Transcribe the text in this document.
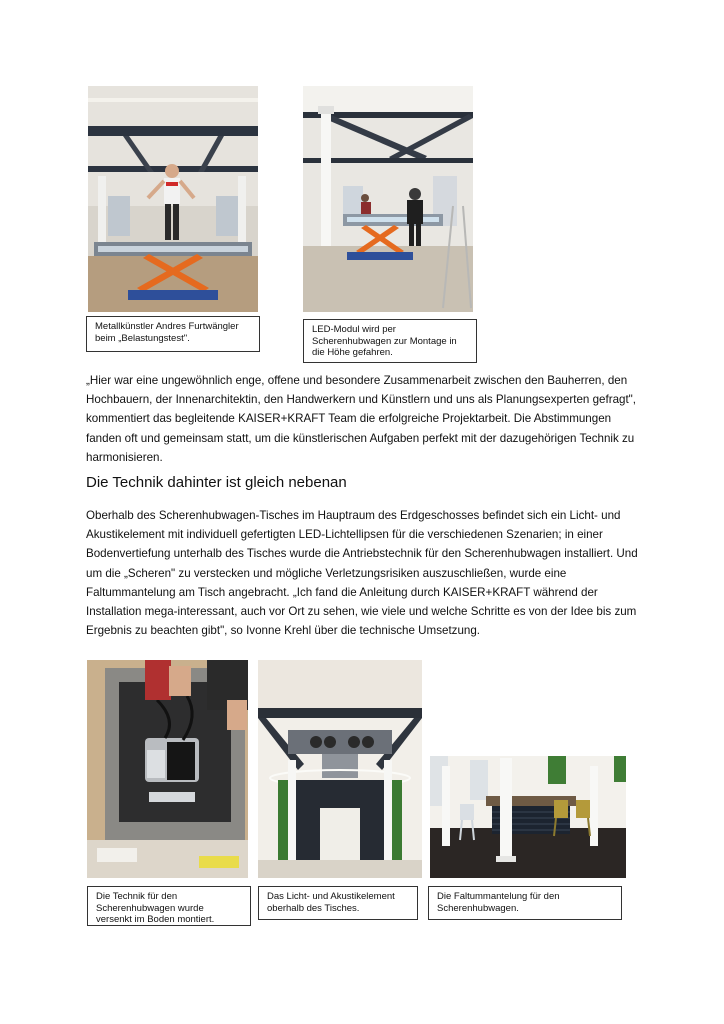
Metallkünstler Andres Furtwängler
beim „Belastungstest".
LED-Modul wird per
Scherenhubwagen zur Montage in
die Höhe gefahren.

„Hier war eine ungewöhnlich enge, offene und besondere Zusammenarbeit zwischen den Bauherren, den Hochbauern, der Innenarchitektin, den Handwerkern und Künstlern und uns als Planungsexperten gefragt", kommentiert das begleitende KAISER+KRAFT Team die erfolgreiche Projektarbeit. Die Abstimmungen fanden oft und gemeinsam statt, um die künstlerischen Aufgaben perfekt mit der dazugehörigen Technik zu harmonisieren.

Die Technik dahinter ist gleich nebenan

Oberhalb des Scherenhubwagen-Tisches im Hauptraum des Erdgeschosses befindet sich ein Licht- und Akustikelement mit individuell gefertigten LED-Lichtellipsen für die verschiedenen Szenarien; in einer Bodenvertiefung unterhalb des Tisches wurde die Antriebstechnik für den Scherenhubwagen installiert. Und um die „Scheren" zu verstecken und mögliche Verletzungsrisiken auszuschließen, wurde eine Faltummantelung am Tisch angebracht. „Ich fand die Anleitung durch KAISER+KRAFT während der Installation mega-interessant, auch vor Ort zu sehen, wie viele und welche Schritte es von der Idee bis zum Ergebnis zu beachten gibt", so Ivonne Krehl über die technische Umsetzung.

Die Technik für den
Scherenhubwagen wurde
versenkt im Boden montiert.
Das Licht- und Akustikelement
oberhalb des Tisches.
Die Faltummantelung für den
Scherenhubwagen.
